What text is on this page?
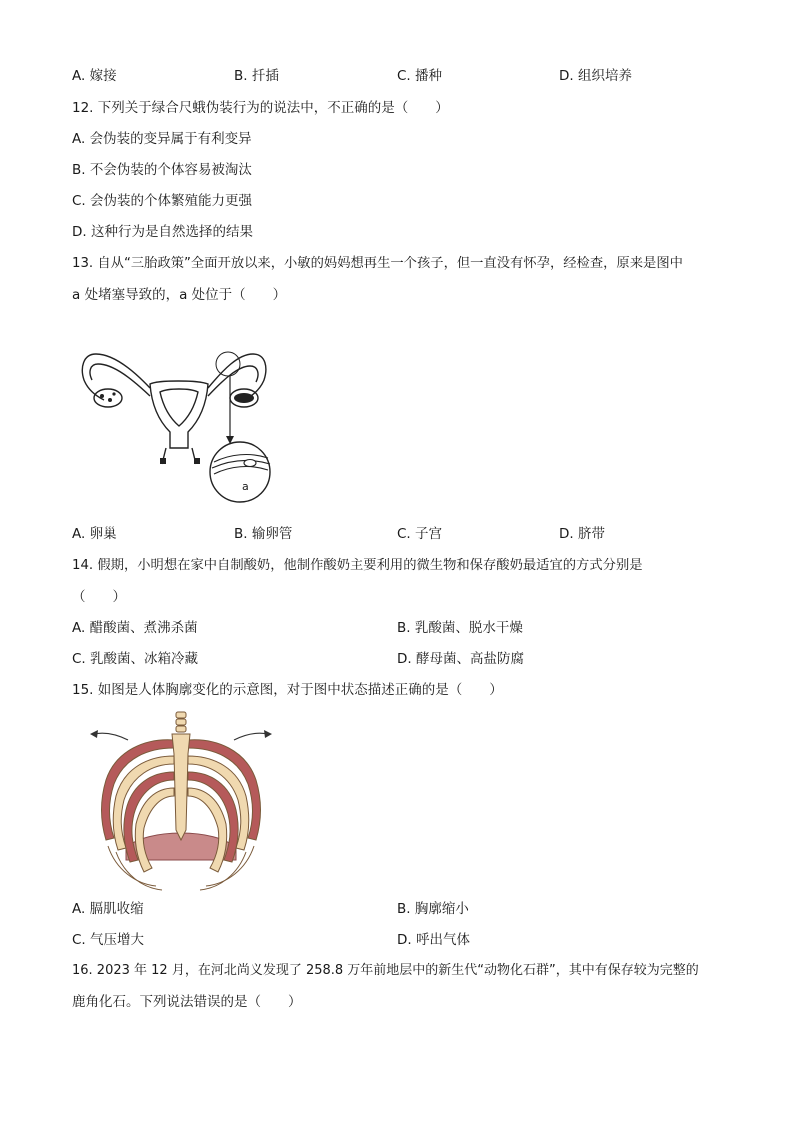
A. 嫁接	B. 扦插	C. 播种	D. 组织培养
12. 下列关于绿合尺蛾伪装行为的说法中，不正确的是（　　）
A. 会伪装的变异属于有利变异
B. 不会伪装的个体容易被淘汰
C. 会伪装的个体繁殖能力更强
D. 这种行为是自然选择的结果
13. 自从“三胎政策”全面开放以来，小敏的妈妈想再生一个孩子，但一直没有怀孕，经检查，原来是图中
a 处堵塞导致的，a 处位于（　　）
a
A. 卵巢	B. 输卵管	C. 子宫	D. 脐带
14. 假期，小明想在家中自制酸奶，他制作酸奶主要利用的微生物和保存酸奶最适宜的方式分别是
（　　）
A. 醋酸菌、煮沸杀菌	B. 乳酸菌、脱水干燥
C. 乳酸菌、冰箱冷藏	D. 酵母菌、高盐防腐
15. 如图是人体胸廓变化的示意图，对于图中状态描述正确的是（　　）
A. 膈肌收缩	B. 胸廓缩小
C. 气压增大	D. 呼出气体
16. 2023 年 12 月，在河北尚义发现了 258.8 万年前地层中的新生代“动物化石群”，其中有保存较为完整的
鹿角化石。下列说法错误的是（　　）
